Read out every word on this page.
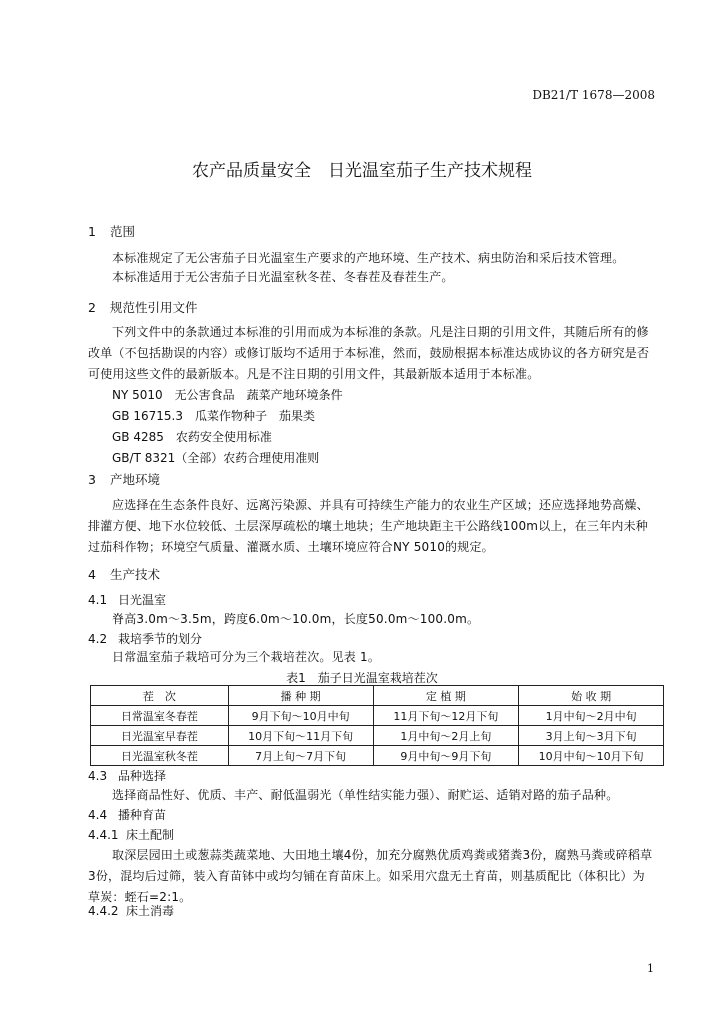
DB21/T 1678—2008
农产品质量安全　日光温室茄子生产技术规程
1 范围
本标准规定了无公害茄子日光温室生产要求的产地环境、生产技术、病虫防治和采后技术管理。
本标准适用于无公害茄子日光温室秋冬茬、冬春茬及春茬生产。
2 规范性引用文件
下列文件中的条款通过本标准的引用而成为本标准的条款。凡是注日期的引用文件，其随后所有的修改单（不包括勘误的内容）或修订版均不适用于本标准，然而，鼓励根据本标准达成协议的各方研究是否可使用这些文件的最新版本。凡是不注日期的引用文件，其最新版本适用于本标准。
NY 5010　无公害食品　蔬菜产地环境条件
GB 16715.3　瓜菜作物种子　茄果类
GB 4285　农药安全使用标准
GB/T 8321（全部）农药合理使用准则
3 产地环境
应选择在生态条件良好、远离污染源、并具有可持续生产能力的农业生产区域；还应选择地势高燥、排灌方便、地下水位较低、土层深厚疏松的壤土地块；生产地块距主干公路线100m以上，在三年内未种过茄科作物；环境空气质量、灌溉水质、土壤环境应符合NY 5010的规定。
4 生产技术
4.1 日光温室
脊高3.0m～3.5m，跨度6.0m～10.0m，长度50.0m～100.0m。
4.2 栽培季节的划分
日常温室茄子栽培可分为三个栽培茬次。见表 1。
表1　茄子日光温室栽培茬次
茬　次	播 种 期	定 植 期	始 收 期
日常温室冬春茬	9月下旬～10月中旬	11月下旬～12月下旬	1月中旬～2月中旬
日光温室早春茬	10月下旬～11月下旬	1月中旬～2月上旬	3月上旬～3月下旬
日光温室秋冬茬	7月上旬～7月下旬	9月中旬～9月下旬	10月中旬～10月下旬
4.3 品种选择
选择商品性好、优质、丰产、耐低温弱光（单性结实能力强）、耐贮运、适销对路的茄子品种。
4.4 播种育苗
4.4.1 床土配制
取深层园田土或葱蒜类蔬菜地、大田地土壤4份，加充分腐熟优质鸡粪或猪粪3份，腐熟马粪或碎稻草3份，混均后过筛，装入育苗钵中或均匀铺在育苗床上。如采用穴盘无土育苗，则基质配比（体积比）为草炭：蛭石=2:1。
4.4.2 床土消毒
1
